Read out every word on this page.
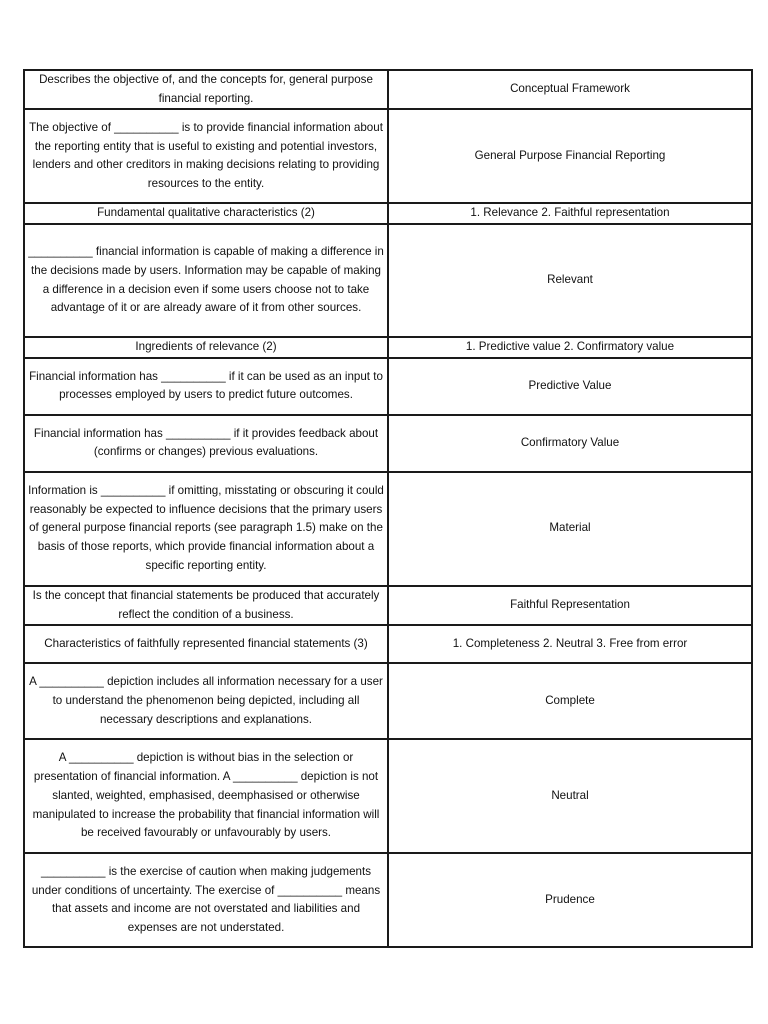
Describes the objective of, and the concepts for, general purpose financial reporting.	Conceptual Framework
The objective of __________ is to provide financial information about the reporting entity that is useful to existing and potential investors, lenders and other creditors in making decisions relating to providing resources to the entity.	General Purpose Financial Reporting
Fundamental qualitative characteristics (2)	1. Relevance 2. Faithful representation
__________ financial information is capable of making a difference in the decisions made by users. Information may be capable of making a difference in a decision even if some users choose not to take advantage of it or are already aware of it from other sources.	Relevant
Ingredients of relevance (2)	1. Predictive value 2. Confirmatory value
Financial information has __________ if it can be used as an input to processes employed by users to predict future outcomes.	Predictive Value
Financial information has __________ if it provides feedback about (confirms or changes) previous evaluations.	Confirmatory Value
Information is __________ if omitting, misstating or obscuring it could reasonably be expected to influence decisions that the primary users of general purpose financial reports (see paragraph 1.5) make on the basis of those reports, which provide financial information about a specific reporting entity.	Material
Is the concept that financial statements be produced that accurately reflect the condition of a business.	Faithful Representation
Characteristics of faithfully represented financial statements (3)	1. Completeness 2. Neutral 3. Free from error
A __________ depiction includes all information necessary for a user to understand the phenomenon being depicted, including all necessary descriptions and explanations.	Complete
A __________ depiction is without bias in the selection or presentation of financial information. A __________ depiction is not slanted, weighted, emphasised, deemphasised or otherwise manipulated to increase the probability that financial information will be received favourably or unfavourably by users.	Neutral
__________ is the exercise of caution when making judgements under conditions of uncertainty. The exercise of __________ means that assets and income are not overstated and liabilities and expenses are not understated.	Prudence
